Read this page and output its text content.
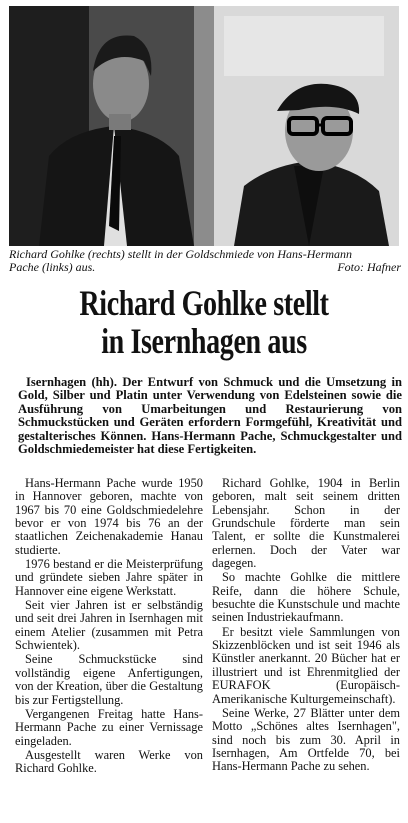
Richard Gohlke (rechts) stellt in der Goldschmiede von Hans-Hermann
Pache (links) aus.	Foto: Hafner
Richard Gohlke stellt
in Isernhagen aus
Isernhagen (hh). Der Entwurf von Schmuck und die Umsetzung in Gold, Silber und Platin unter Verwendung von Edelsteinen sowie die Ausführung von Umarbeitungen und Restaurierung von Schmuckstücken und Geräten erfordern Formgefühl, Kreativität und gestalterisches Können. Hans-Hermann Pache, Schmuckgestalter und Goldschmiedemeister hat diese Fertigkeiten.

Hans-Hermann Pache wurde 1950 in Hannover geboren, machte von 1967 bis 70 eine Goldschmiedelehre bevor er von 1974 bis 76 an der staatlichen Zeichenakademie Hanau studierte.

1976 bestand er die Meisterprüfung und gründete sieben Jahre später in Hannover eine eigene Werkstatt.

Seit vier Jahren ist er selbständig und seit drei Jahren in Isernhagen mit einem Atelier (zusammen mit Petra Schwientek).

Seine Schmuckstücke sind vollständig eigene Anfertigungen, von der Kreation, über die Gestaltung bis zur Fertigstellung.

Vergangenen Freitag hatte Hans-Hermann Pache zu einer Vernissage eingeladen.

Ausgestellt waren Werke von Richard Gohlke.

Richard Gohlke, 1904 in Berlin geboren, malt seit seinem dritten Lebensjahr. Schon in der Grundschule förderte man sein Talent, er sollte die Kunstmalerei erlernen. Doch der Vater war dagegen.

So machte Gohlke die mittlere Reife, dann die höhere Schule, besuchte die Kunstschule und machte seinen Industriekaufmann.

Er besitzt viele Sammlungen von Skizzenblöcken und ist seit 1946 als Künstler anerkannt. 20 Bücher hat er illustriert und ist Ehrenmitglied der EURAFOK (Europäisch-Amerikanische Kulturgemeinschaft).

Seine Werke, 27 Blätter unter dem Motto „Schönes altes Isernhagen", sind noch bis zum 30. April in Isernhagen, Am Ortfelde 70, bei Hans-Hermann Pache zu sehen.
